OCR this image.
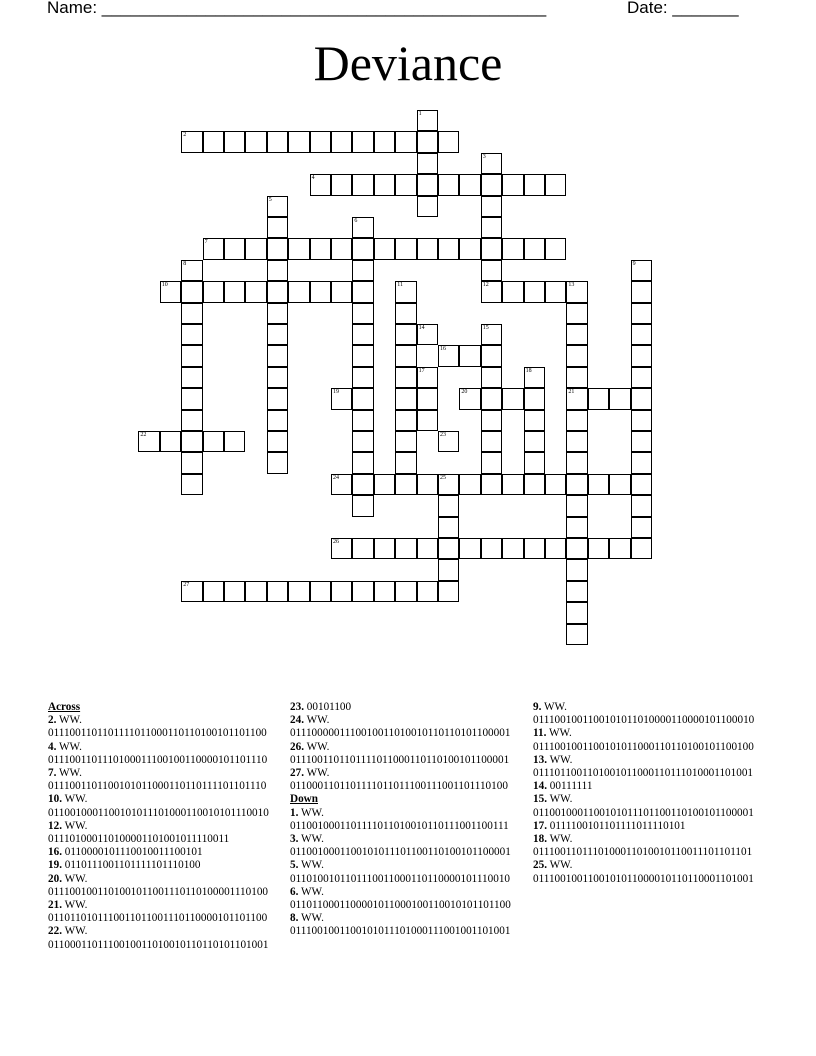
Name: _______________________________________________	Date: _______
Deviance
1
2
3
4
5
6
7
8	9
10	11	12	13
14	15
16
17	18
19	20	21
22	23
24	25
26
27
Across
2. WW.
0111001101101111011000110110100101101100
4. WW.
0111001101110100011100100110000101101110
7. WW.
0111001101100101011000110110111101101110
10. WW.
0110010001100101011101000110010101110010
12. WW.
011101000110100001101001011110011
16. 0110000101110010011100101
19. 0110111001101111101110100
20. WW.
0111001001101001011001110110100001110100
21. WW.
0110110101110011011001110110000101101100
22. WW.
0110001101110010011010010110110101101001
23. 00101100
24. WW.
0111000001110010011010010110110101100001
26. WW.
0111001101101111011000110110100101100001
27. WW.
0110001101101111011011100111001101110100
Down
1. WW.
0110010001101111011010010110111001100111
3. WW.
0110010001100101011101100110100101100001
5. WW.
0110100101101110011000110110000101110010
6. WW.
0110110001100001011000100110010101101100
8. WW.
0111001001100101011101000111001001101001
9. WW.
0111001001100101011010000110000101100010
11. WW.
0111001001100101011000110110100101100100
13. WW.
0111011001101001011000110111010001101001
14. 00111111
15. WW.
0110010001100101011101100110100101100001
17. 0111100101101111011110101
18. WW.
0111001101110100011010010110011101101101
25. WW.
0111001001100101011000010110110001101001
